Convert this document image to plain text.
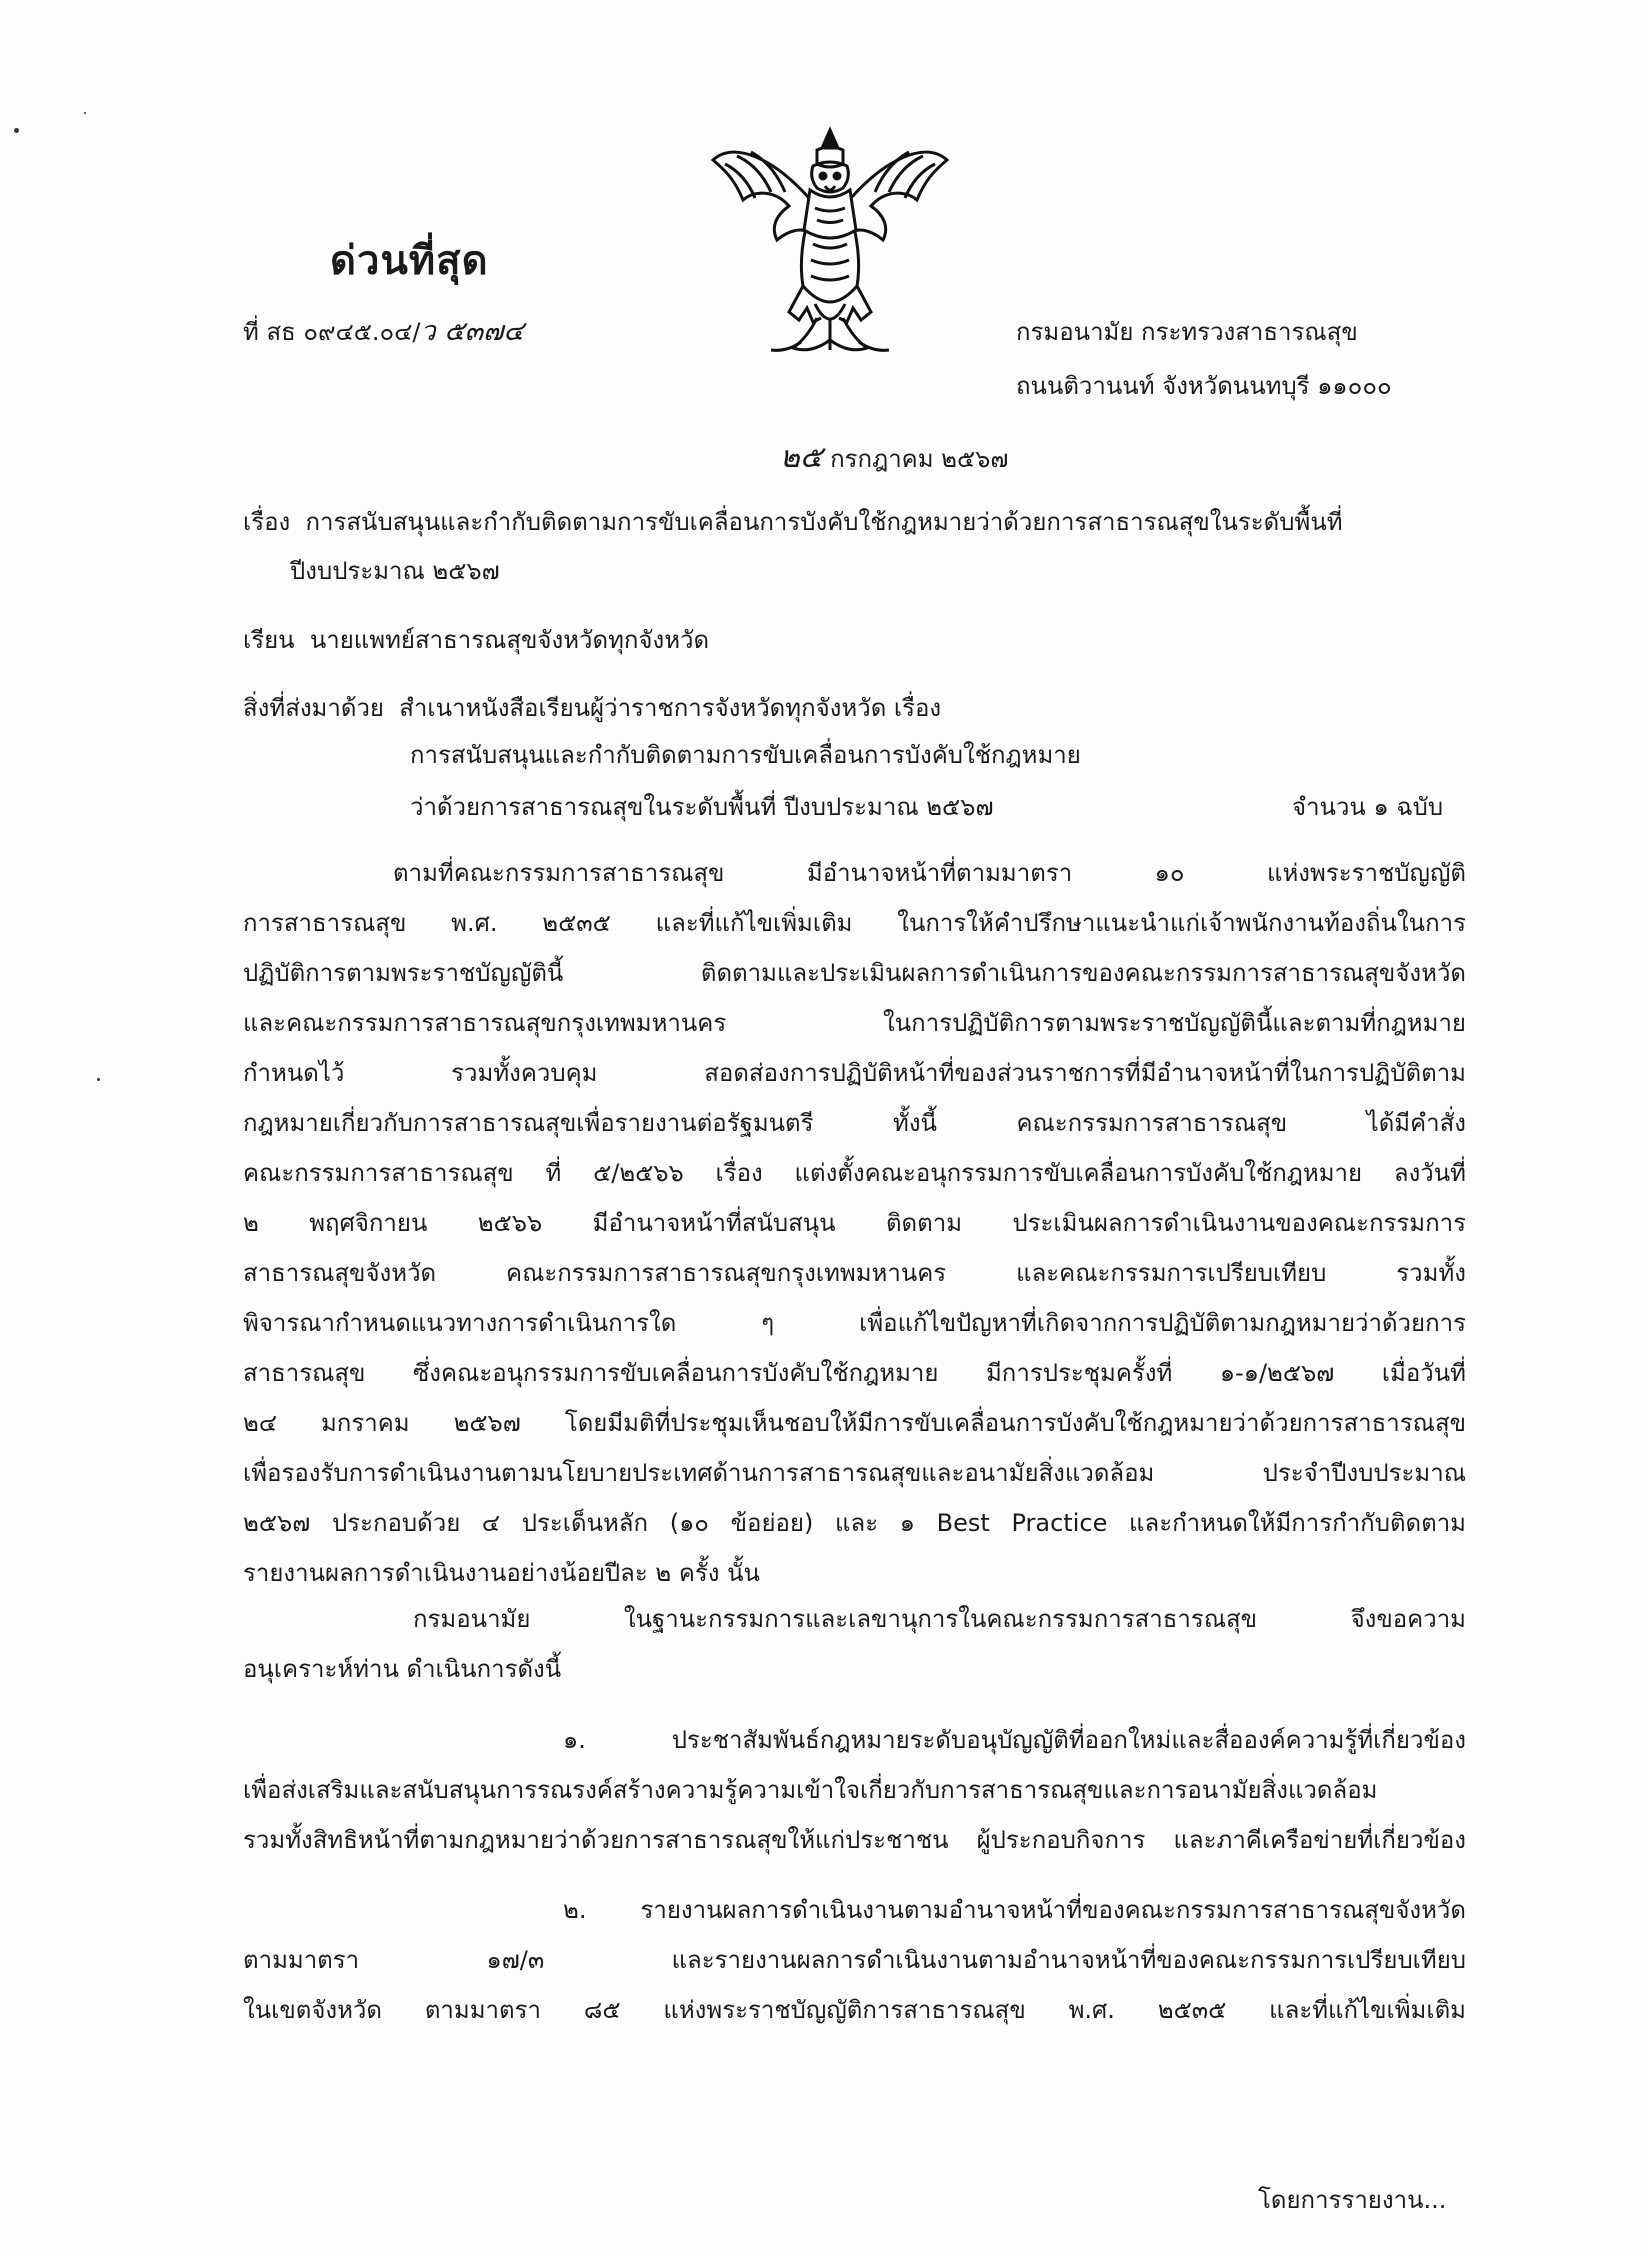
ด่วนที่สุด
ที่ สธ ๐๙๔๕.๐๔/ว ๕๓๗๔	กรมอนามัย กระทรวงสาธารณสุข
ถนนติวานนท์ จังหวัดนนทบุรี ๑๑๐๐๐
๒๕ กรกฎาคม ๒๕๖๗
เรื่อง การสนับสนุนและกำกับติดตามการขับเคลื่อนการบังคับใช้กฎหมายว่าด้วยการสาธารณสุขในระดับพื้นที่
ปีงบประมาณ ๒๕๖๗
เรียน นายแพทย์สาธารณสุขจังหวัดทุกจังหวัด
สิ่งที่ส่งมาด้วย สำเนาหนังสือเรียนผู้ว่าราชการจังหวัดทุกจังหวัด เรื่อง
การสนับสนุนและกำกับติดตามการขับเคลื่อนการบังคับใช้กฎหมาย
ว่าด้วยการสาธารณสุขในระดับพื้นที่ ปีงบประมาณ ๒๕๖๗	จำนวน ๑ ฉบับ
ตามที่คณะกรรมการสาธารณสุข มีอำนาจหน้าที่ตามมาตรา ๑๐ แห่งพระราชบัญญัติ
การสาธารณสุข พ.ศ. ๒๕๓๕ และที่แก้ไขเพิ่มเติม ในการให้คำปรึกษาแนะนำแก่เจ้าพนักงานท้องถิ่นในการ
ปฏิบัติการตามพระราชบัญญัตินี้ ติดตามและประเมินผลการดำเนินการของคณะกรรมการสาธารณสุขจังหวัด
และคณะกรรมการสาธารณสุขกรุงเทพมหานคร ในการปฏิบัติการตามพระราชบัญญัตินี้และตามที่กฎหมาย
กำหนดไว้ รวมทั้งควบคุม สอดส่องการปฏิบัติหน้าที่ของส่วนราชการที่มีอำนาจหน้าที่ในการปฏิบัติตาม
กฎหมายเกี่ยวกับการสาธารณสุขเพื่อรายงานต่อรัฐมนตรี ทั้งนี้ คณะกรรมการสาธารณสุข ได้มีคำสั่ง
คณะกรรมการสาธารณสุข ที่ ๕/๒๕๖๖ เรื่อง แต่งตั้งคณะอนุกรรมการขับเคลื่อนการบังคับใช้กฎหมาย ลงวันที่
๒ พฤศจิกายน ๒๕๖๖ มีอำนาจหน้าที่สนับสนุน ติดตาม ประเมินผลการดำเนินงานของคณะกรรมการ
สาธารณสุขจังหวัด คณะกรรมการสาธารณสุขกรุงเทพมหานคร และคณะกรรมการเปรียบเทียบ รวมทั้ง
พิจารณากำหนดแนวทางการดำเนินการใด ๆ เพื่อแก้ไขปัญหาที่เกิดจากการปฏิบัติตามกฎหมายว่าด้วยการ
สาธารณสุข ซึ่งคณะอนุกรรมการขับเคลื่อนการบังคับใช้กฎหมาย มีการประชุมครั้งที่ ๑-๑/๒๕๖๗ เมื่อวันที่
๒๔ มกราคม ๒๕๖๗ โดยมีมติที่ประชุมเห็นชอบให้มีการขับเคลื่อนการบังคับใช้กฎหมายว่าด้วยการสาธารณสุข
เพื่อรองรับการดำเนินงานตามนโยบายประเทศด้านการสาธารณสุขและอนามัยสิ่งแวดล้อม ประจำปีงบประมาณ
๒๕๖๗ ประกอบด้วย ๔ ประเด็นหลัก (๑๐ ข้อย่อย) และ ๑ Best Practice และกำหนดให้มีการกำกับติดตาม
รายงานผลการดำเนินงานอย่างน้อยปีละ ๒ ครั้ง นั้น
กรมอนามัย ในฐานะกรรมการและเลขานุการในคณะกรรมการสาธารณสุข จึงขอความ
อนุเคราะห์ท่าน ดำเนินการดังนี้
๑. ประชาสัมพันธ์กฎหมายระดับอนุบัญญัติที่ออกใหม่และสื่อองค์ความรู้ที่เกี่ยวข้อง
เพื่อส่งเสริมและสนับสนุนการรณรงค์สร้างความรู้ความเข้าใจเกี่ยวกับการสาธารณสุขและการอนามัยสิ่งแวดล้อม
รวมทั้งสิทธิหน้าที่ตามกฎหมายว่าด้วยการสาธารณสุขให้แก่ประชาชน ผู้ประกอบกิจการ และภาคีเครือข่ายที่เกี่ยวข้อง
๒. รายงานผลการดำเนินงานตามอำนาจหน้าที่ของคณะกรรมการสาธารณสุขจังหวัด
ตามมาตรา ๑๗/๓ และรายงานผลการดำเนินงานตามอำนาจหน้าที่ของคณะกรรมการเปรียบเทียบ
ในเขตจังหวัด ตามมาตรา ๘๕ แห่งพระราชบัญญัติการสาธารณสุข พ.ศ. ๒๕๓๕ และที่แก้ไขเพิ่มเติม
โดยการรายงาน...
